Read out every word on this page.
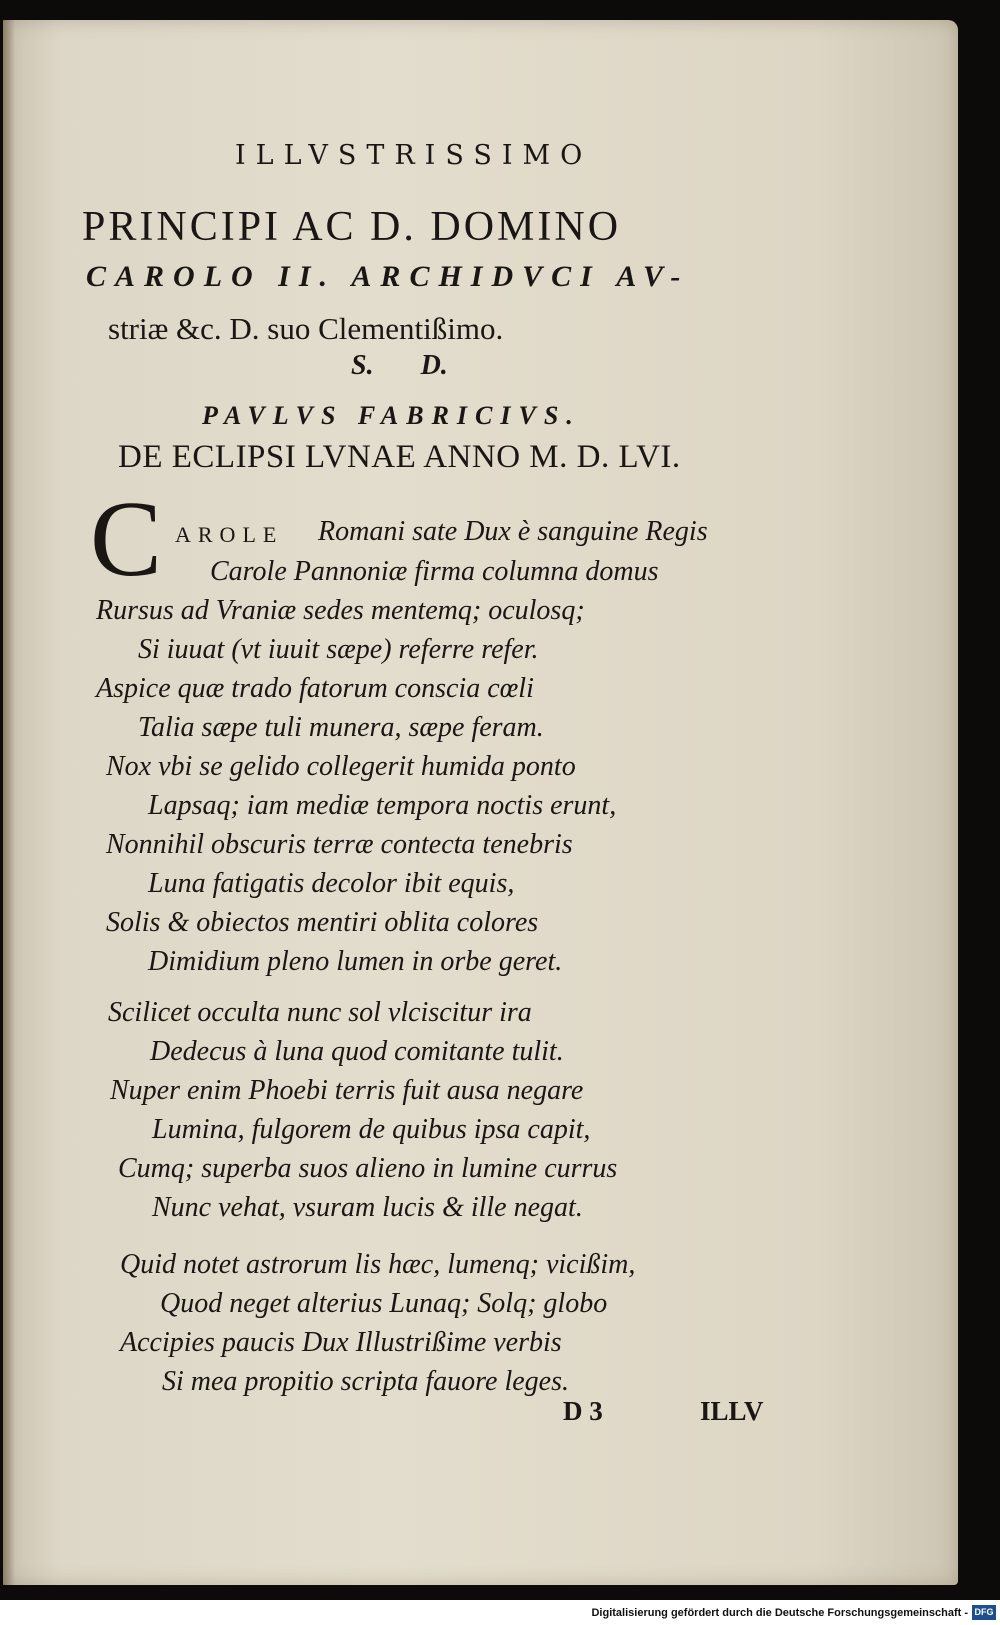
ILLVSTRISSIMO
PRINCIPI AC D. DOMINO
CAROLO II. ARCHIDVCI AV-
striæ &c. D. suo Clementißimo.
S. D.
PAVLVS FABRICIVS.
DE ECLIPSI LVNAE ANNO M. D. LVI.
C AROLE Romani sate Dux è sanguine Regis
Carole Pannoniæ firma columna domus
Rursus ad Vraniæ sedes mentemq; oculosq;
Si iuuat (vt iuuit sæpe) referre refer.
Aspice quæ trado fatorum conscia cœli
Talia sæpe tuli munera, sæpe feram.
Nox vbi se gelido collegerit humida ponto
Lapsaq; iam mediæ tempora noctis erunt,
Nonnihil obscuris terræ contecta tenebris
Luna fatigatis decolor ibit equis,
Solis & obiectos mentiri oblita colores
Dimidium pleno lumen in orbe geret.
Scilicet occulta nunc sol vlciscitur ira
Dedecus à luna quod comitante tulit.
Nuper enim Phoebi terris fuit ausa negare
Lumina, fulgorem de quibus ipsa capit,
Cumq; superba suos alieno in lumine currus
Nunc vehat, vsuram lucis & ille negat.
Quid notet astrorum lis hæc, lumenq; vicißim,
Quod neget alterius Lunaq; Solq; globo
Accipies paucis Dux Illustrißime verbis
Si mea propitio scripta fauore leges.
D 3	ILLV
Digitalisierung gefördert durch die Deutsche Forschungsgemeinschaft - DFG
